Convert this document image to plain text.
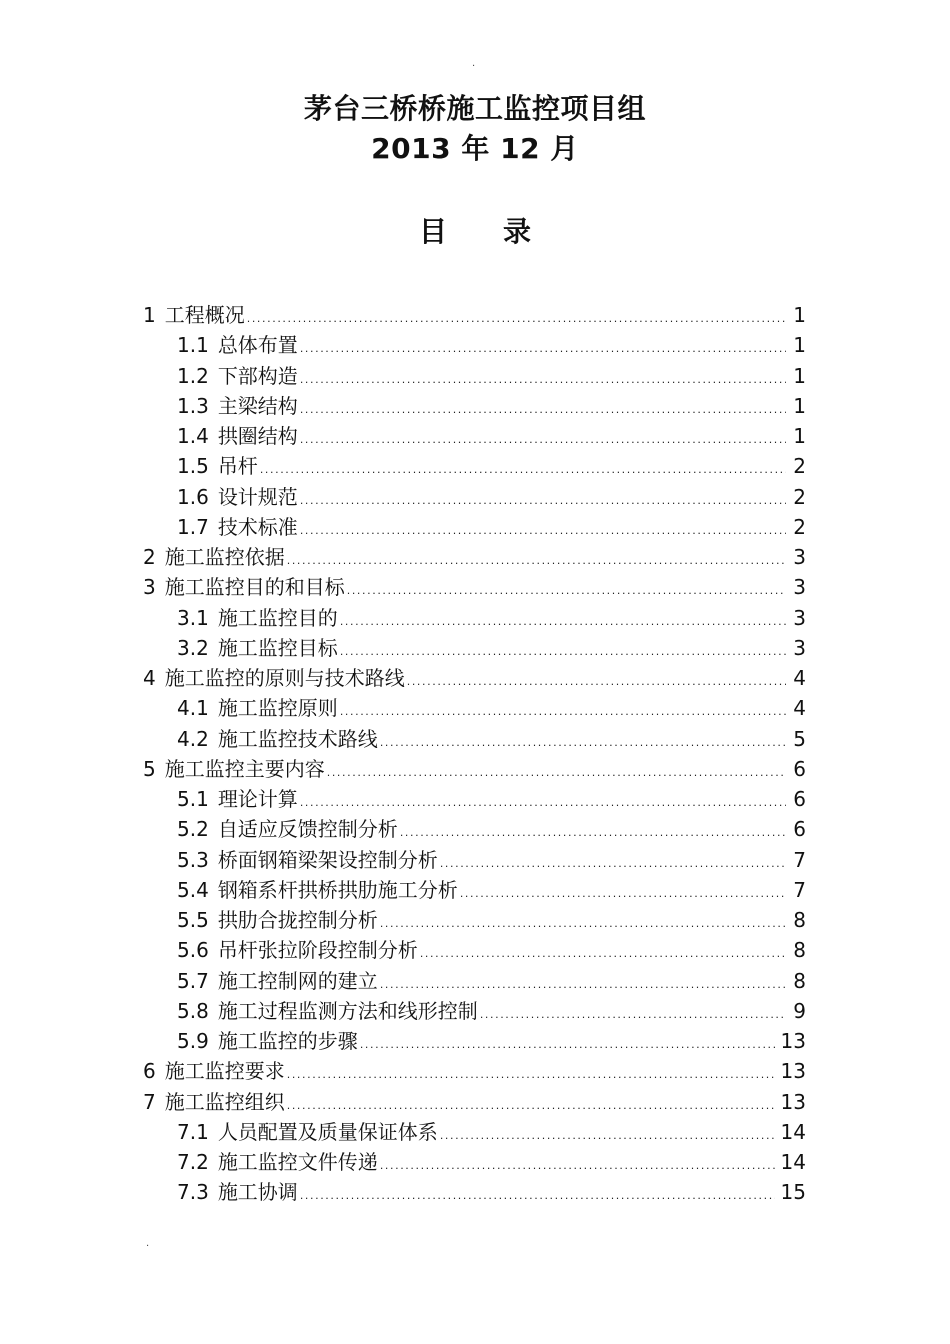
.
茅台三桥桥施工监控项目组
2013 年 12 月
目 录
1 工程概况 .....	1
1.1 总体布置 .....	1
1.2 下部构造 .....	1
1.3 主梁结构 .....	1
1.4 拱圈结构 .....	1
1.5 吊杆 .....	2
1.6 设计规范 .....	2
1.7 技术标准 .....	2
2 施工监控依据 .....	3
3 施工监控目的和目标 .....	3
3.1 施工监控目的 .....	3
3.2 施工监控目标 .....	3
4 施工监控的原则与技术路线 .....	4
4.1 施工监控原则 .....	4
4.2 施工监控技术路线 .....	5
5 施工监控主要内容 .....	6
5.1 理论计算 .....	6
5.2 自适应反馈控制分析 .....	6
5.3 桥面钢箱梁架设控制分析 .....	7
5.4 钢箱系杆拱桥拱肋施工分析 .....	7
5.5 拱肋合拢控制分析 .....	8
5.6 吊杆张拉阶段控制分析 .....	8
5.7 施工控制网的建立 .....	8
5.8 施工过程监测方法和线形控制 .....	9
5.9 施工监控的步骤 .....	13
6 施工监控要求 .....	13
7 施工监控组织 .....	13
7.1 人员配置及质量保证体系 .....	14
7.2 施工监控文件传递 .....	14
7.3 施工协调 .....	15
.
